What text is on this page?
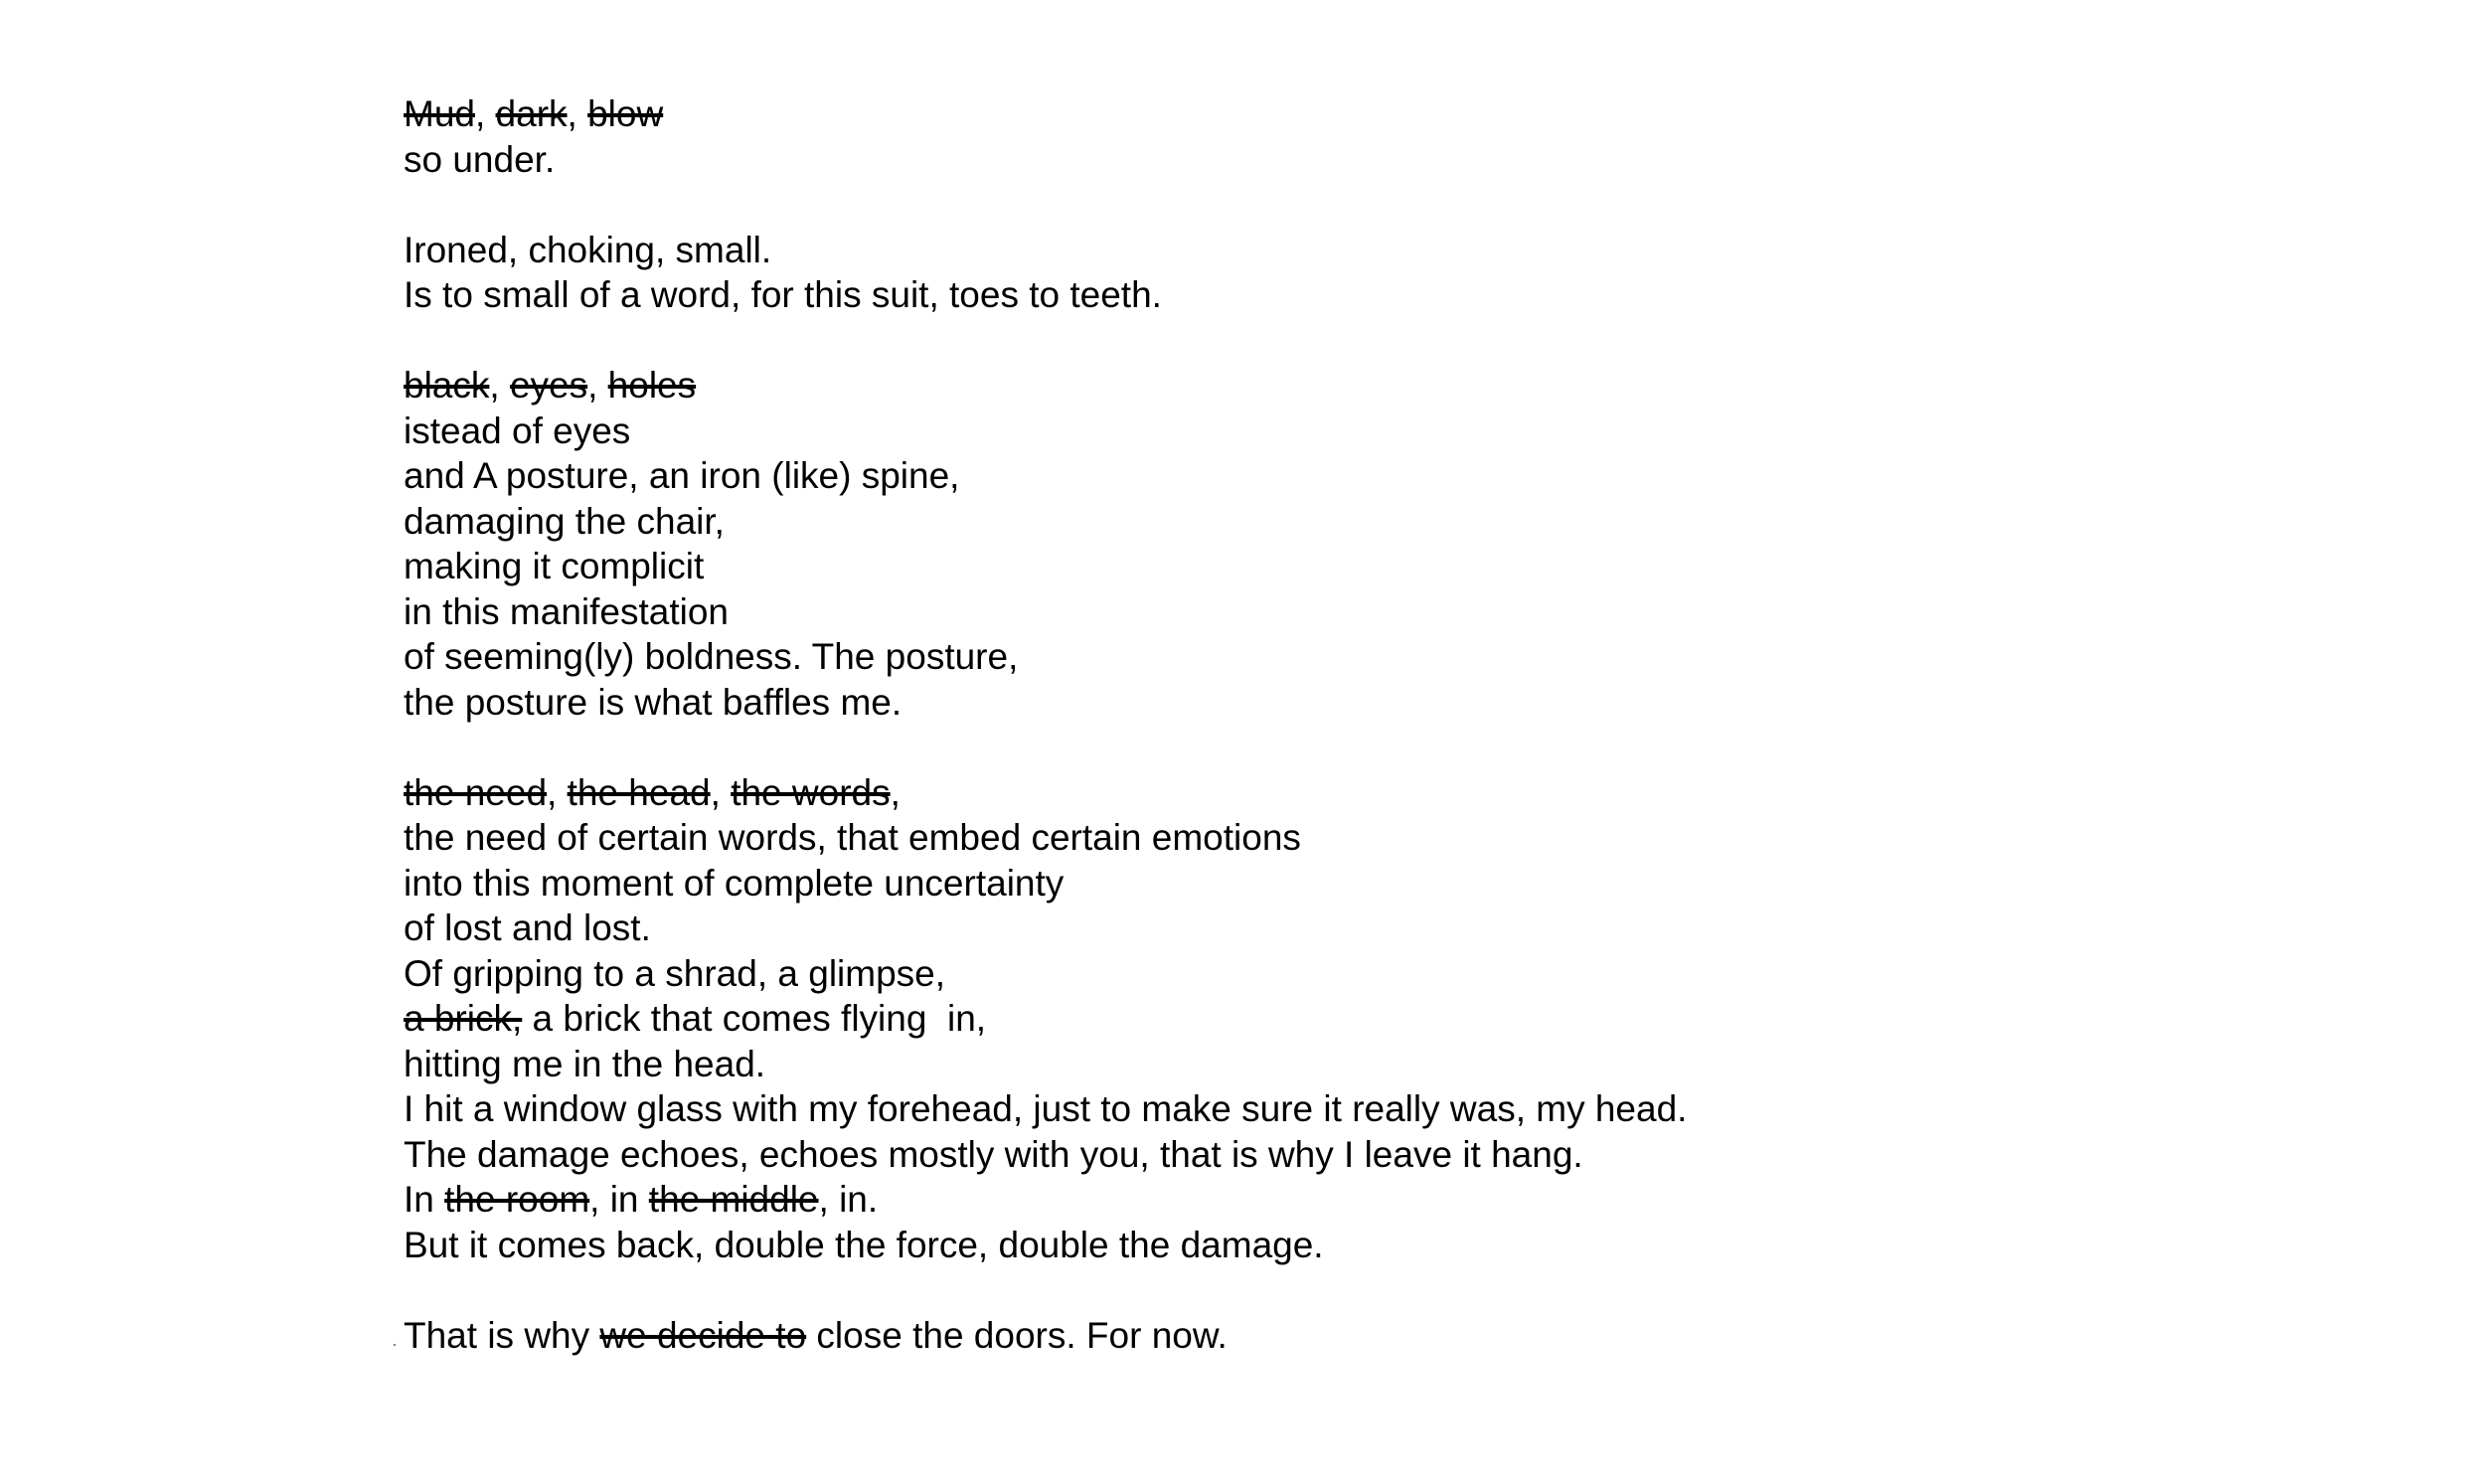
Mud, dark, blow
so under.
Ironed, choking, small.
Is to small of a word, for this suit, toes to teeth.
black, eyes, holes
istead of eyes
and A posture, an iron (like) spine,
damaging the chair,
making it complicit
in this manifestation
of seeming(ly) boldness. The posture,
the posture is what baffles me.
the need, the head, the words,
the need of certain words, that embed certain emotions
into this moment of complete uncertainty
of lost and lost.
Of gripping to a shrad, a glimpse,
a brick, a brick that comes flying  in,
hitting me in the head.
I hit a window glass with my forehead, just to make sure it really was, my head.
The damage echoes, echoes mostly with you, that is why I leave it hang.
In the room, in the middle, in.
But it comes back, double the force, double the damage.
That is why we decide to close the doors. For now.
